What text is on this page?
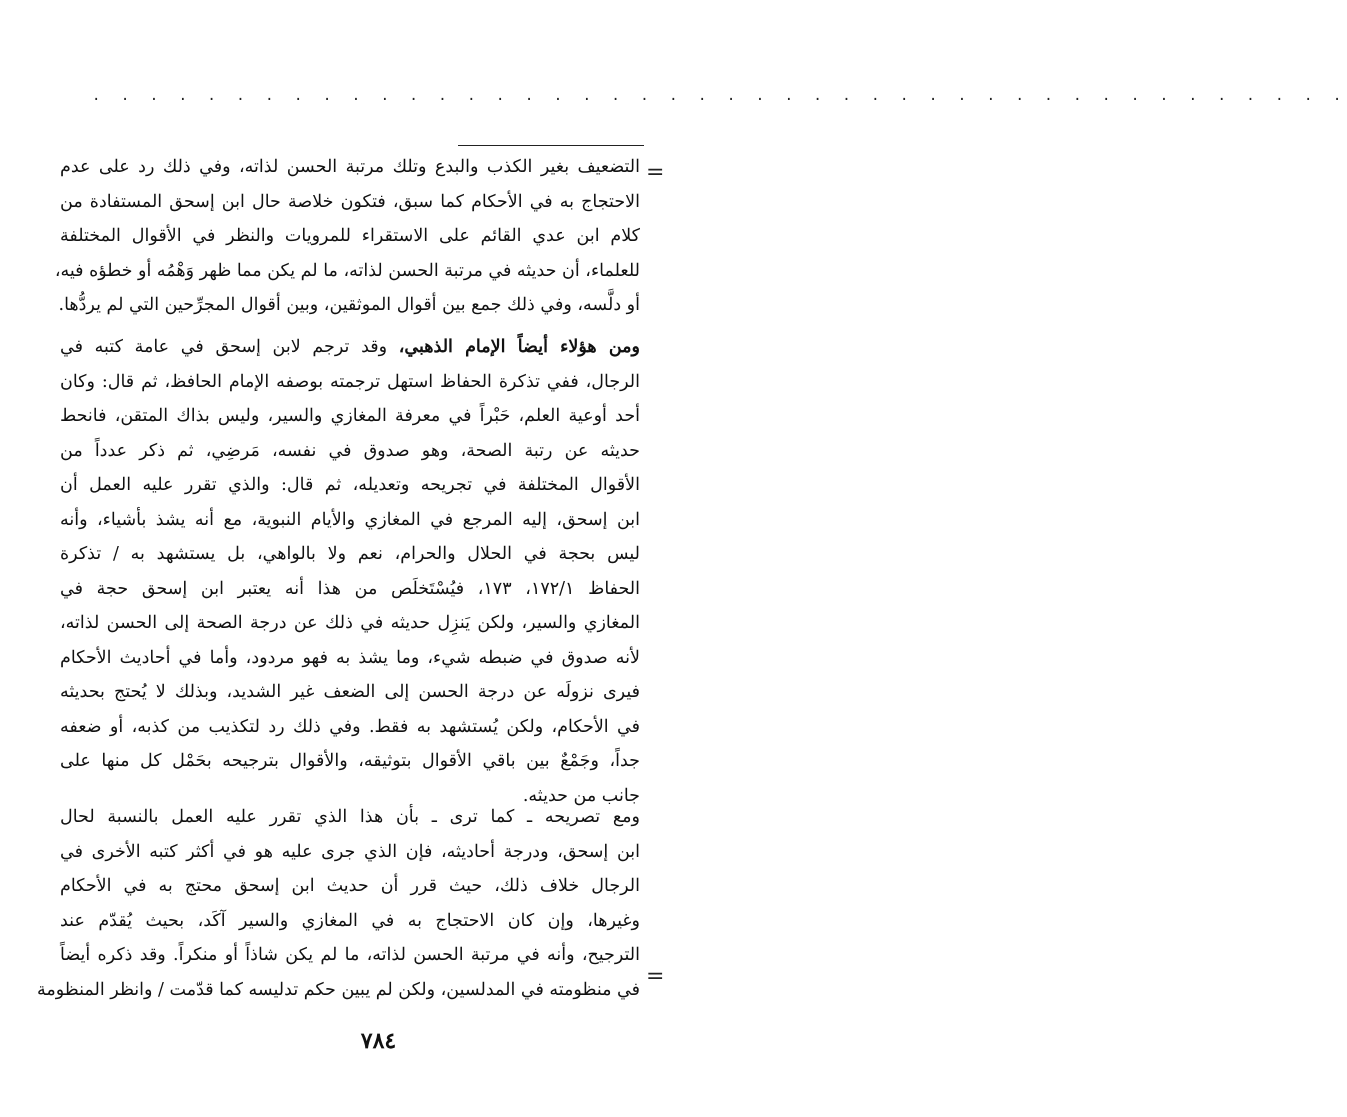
. . . . . . . . . . . . . . . . . . . . . . . . . . . . . . . . . . . . . . . . . . . .
=
التضعيف بغير الكذب والبدع وتلك مرتبة الحسن لذاته، وفي ذلك رد على عدم
الاحتجاج به في الأحكام كما سبق، فتكون خلاصة حال ابن إسحق المستفادة من
كلام ابن عدي القائم على الاستقراء للمرويات والنظر في الأقوال المختلفة
للعلماء، أن حديثه في مرتبة الحسن لذاته، ما لم يكن مما ظهر وَهْمُه أو خطؤه فيه،
أو دلَّسه، وفي ذلك جمع بين أقوال الموثقين، وبين أقوال المجرِّحين التي لم يردُّها.
ومن هؤلاء أيضاً الإمام الذهبي، وقد ترجم لابن إسحق في عامة كتبه في
الرجال، ففي تذكرة الحفاظ استهل ترجمته بوصفه الإمام الحافظ، ثم قال: وكان
أحد أوعية العلم، حَبْراً في معرفة المغازي والسير، وليس بذاك المتقن، فانحط
حديثه عن رتبة الصحة، وهو صدوق في نفسه، مَرضِي، ثم ذكر عدداً من
الأقوال المختلفة في تجريحه وتعديله، ثم قال: والذي تقرر عليه العمل أن
ابن إسحق، إليه المرجع في المغازي والأيام النبوية، مع أنه يشذ بأشياء، وأنه
ليس بحجة في الحلال والحرام، نعم ولا بالواهي، بل يستشهد به / تذكرة
الحفاظ ١٧٢/١، ١٧٣، فيُسْتَخلَص من هذا أنه يعتبر ابن إسحق حجة في
المغازي والسير، ولكن يَنزِل حديثه في ذلك عن درجة الصحة إلى الحسن لذاته،
لأنه صدوق في ضبطه شيء، وما يشذ به فهو مردود، وأما في أحاديث الأحكام
فيرى نزولَه عن درجة الحسن إلى الضعف غير الشديد، وبذلك لا يُحتج بحديثه
في الأحكام، ولكن يُستشهد به فقط. وفي ذلك رد لتكذيب من كذبه، أو ضعفه
جداً، وجَمْعٌ بين باقي الأقوال بتوثيقه، والأقوال بترجيحه بحَمْل كل منها على
جانب من حديثه.
ومع تصريحه ـ كما ترى ـ بأن هذا الذي تقرر عليه العمل بالنسبة لحال
ابن إسحق، ودرجة أحاديثه، فإن الذي جرى عليه هو في أكثر كتبه الأخرى في
الرجال خلاف ذلك، حيث قرر أن حديث ابن إسحق محتج به في الأحكام
وغيرها، وإن كان الاحتجاج به في المغازي والسير آكَد، بحيث يُقدّم عند
الترجيح، وأنه في مرتبة الحسن لذاته، ما لم يكن شاذاً أو منكراً. وقد ذكره أيضاً
في منظومته في المدلسين، ولكن لم يبين حكم تدليسه كما قدّمت / وانظر المنظومة
=
٧٨٤
